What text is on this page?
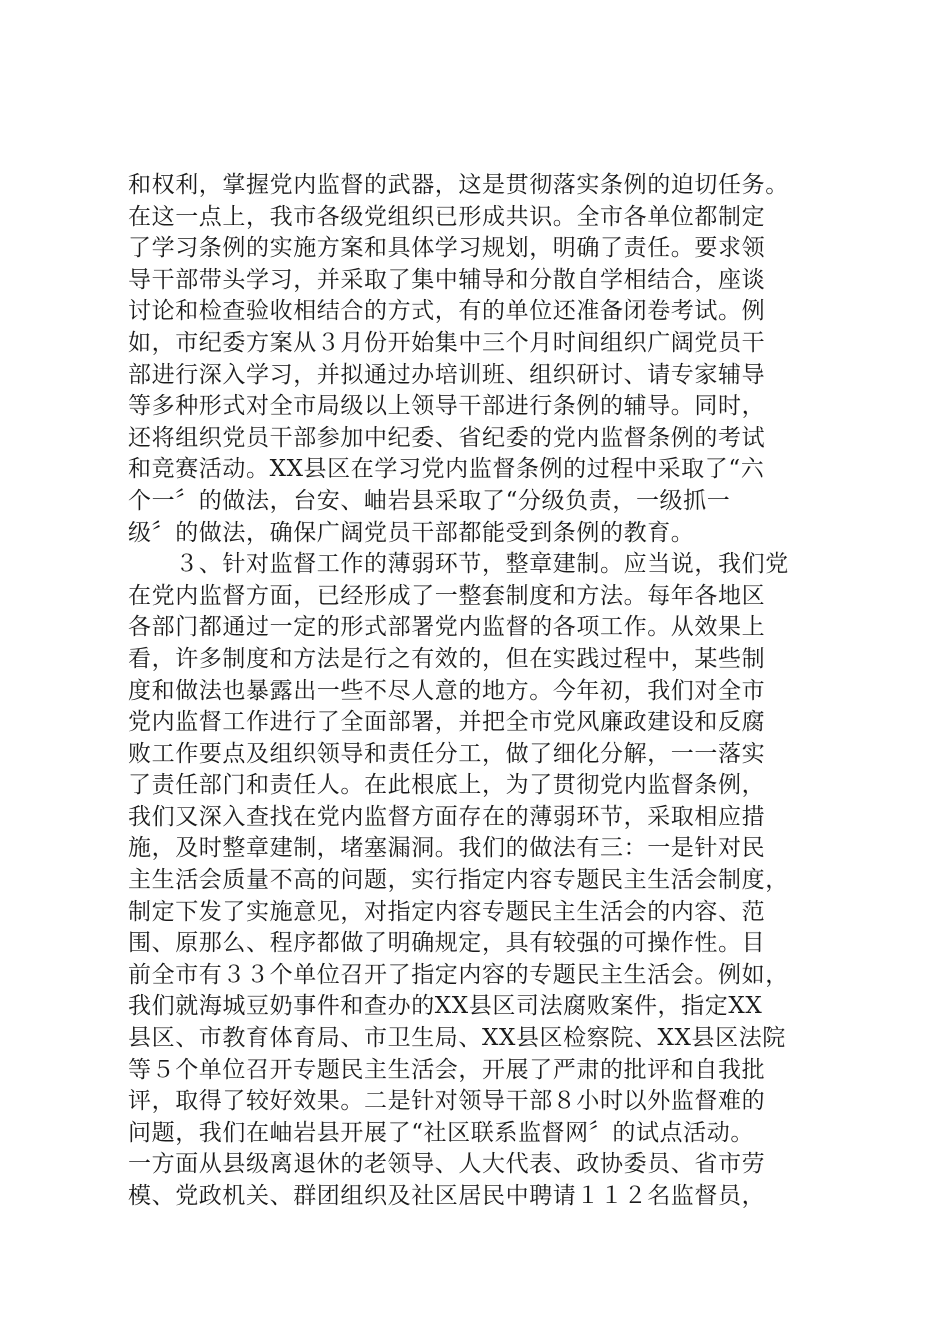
和权利，掌握党内监督的武器，这是贯彻落实条例的迫切任务。
在这一点上，我市各级党组织已形成共识。全市各单位都制定
了学习条例的实施方案和具体学习规划，明确了责任。要求领
导干部带头学习，并采取了集中辅导和分散自学相结合，座谈
讨论和检查验收相结合的方式，有的单位还准备闭卷考试。例
如，市纪委方案从３月份开始集中三个月时间组织广阔党员干
部进行深入学习，并拟通过办培训班、组织研讨、请专家辅导
等多种形式对全市局级以上领导干部进行条例的辅导。同时，
还将组织党员干部参加中纪委、省纪委的党内监督条例的考试
和竞赛活动。XX县区在学习党内监督条例的过程中采取了“六
个一〞的做法，台安、岫岩县采取了“分级负责，一级抓一
级〞的做法，确保广阔党员干部都能受到条例的教育。
　　３、针对监督工作的薄弱环节，整章建制。应当说，我们党
在党内监督方面，已经形成了一整套制度和方法。每年各地区
各部门都通过一定的形式部署党内监督的各项工作。从效果上
看，许多制度和方法是行之有效的，但在实践过程中，某些制
度和做法也暴露出一些不尽人意的地方。今年初，我们对全市
党内监督工作进行了全面部署，并把全市党风廉政建设和反腐
败工作要点及组织领导和责任分工，做了细化分解，一一落实
了责任部门和责任人。在此根底上，为了贯彻党内监督条例，
我们又深入查找在党内监督方面存在的薄弱环节，采取相应措
施，及时整章建制，堵塞漏洞。我们的做法有三：一是针对民
主生活会质量不高的问题，实行指定内容专题民主生活会制度，
制定下发了实施意见，对指定内容专题民主生活会的内容、范
围、原那么、程序都做了明确规定，具有较强的可操作性。目
前全市有３３个单位召开了指定内容的专题民主生活会。例如，
我们就海城豆奶事件和查办的XX县区司法腐败案件，指定XX
县区、市教育体育局、市卫生局、XX县区检察院、XX县区法院
等５个单位召开专题民主生活会，开展了严肃的批评和自我批
评，取得了较好效果。二是针对领导干部８小时以外监督难的
问题，我们在岫岩县开展了“社区联系监督网〞的试点活动。
一方面从县级离退休的老领导、人大代表、政协委员、省市劳
模、党政机关、群团组织及社区居民中聘请１１２名监督员，
